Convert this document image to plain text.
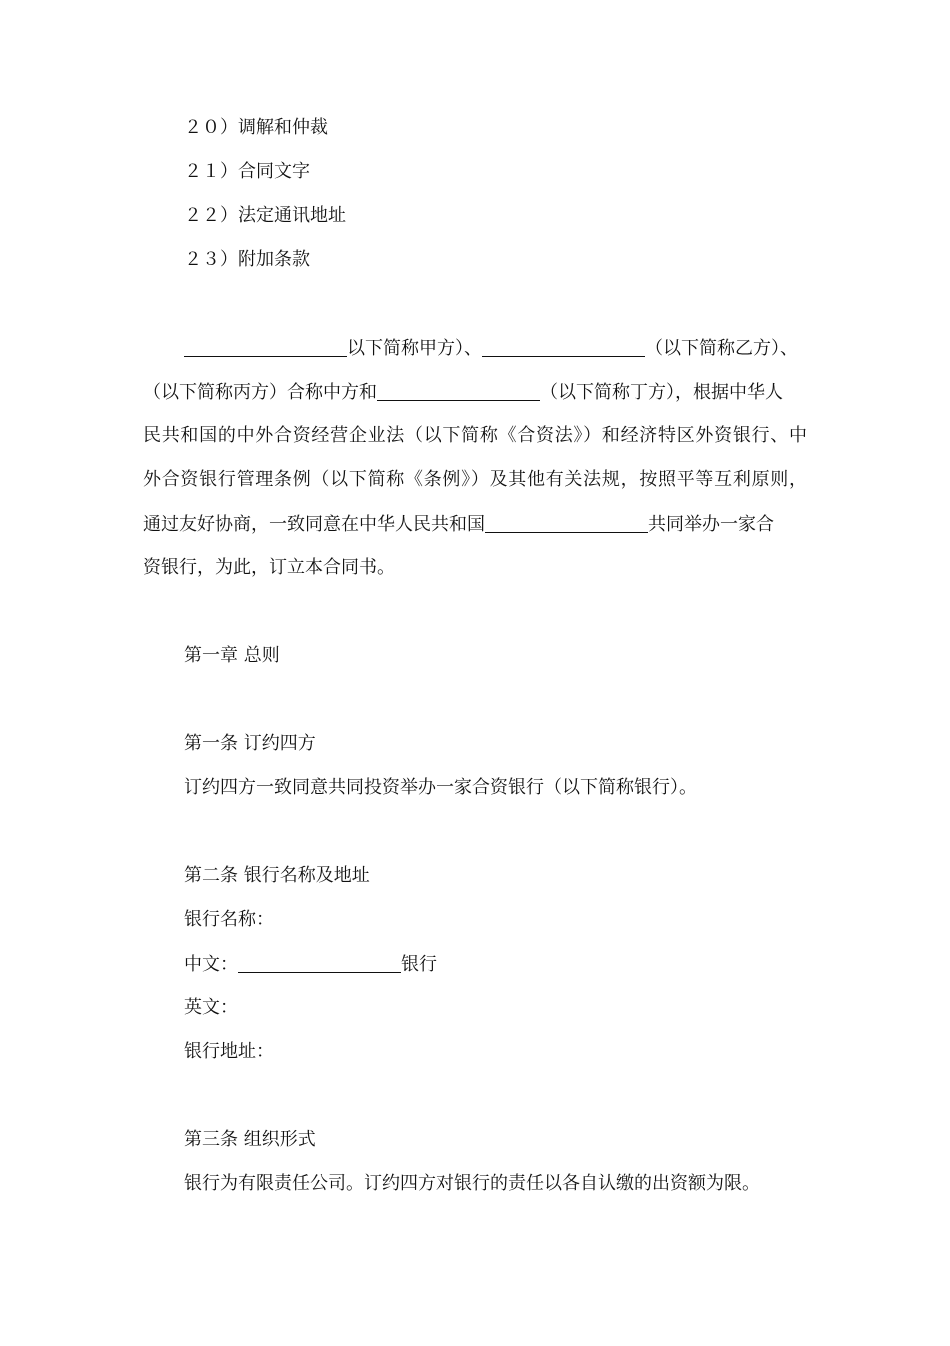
２０）调解和仲裁
２１）合同文字
２２）法定通讯地址
２３）附加条款
以下简称甲方）、	（以下简称乙方）、
（以下简称丙方）合称中方和	（以下简称丁方），根据中华人
民共和国的中外合资经营企业法（以下简称《合资法》）和经济特区外资银行、中
外合资银行管理条例（以下简称《条例》）及其他有关法规，按照平等互利原则，
通过友好协商，一致同意在中华人民共和国	共同举办一家合
资银行，为此，订立本合同书。
第一章 总则
第一条 订约四方
订约四方一致同意共同投资举办一家合资银行（以下简称银行）。
第二条 银行名称及地址
银行名称：
中文：	银行
英文：
银行地址：
第三条 组织形式
银行为有限责任公司。订约四方对银行的责任以各自认缴的出资额为限。
